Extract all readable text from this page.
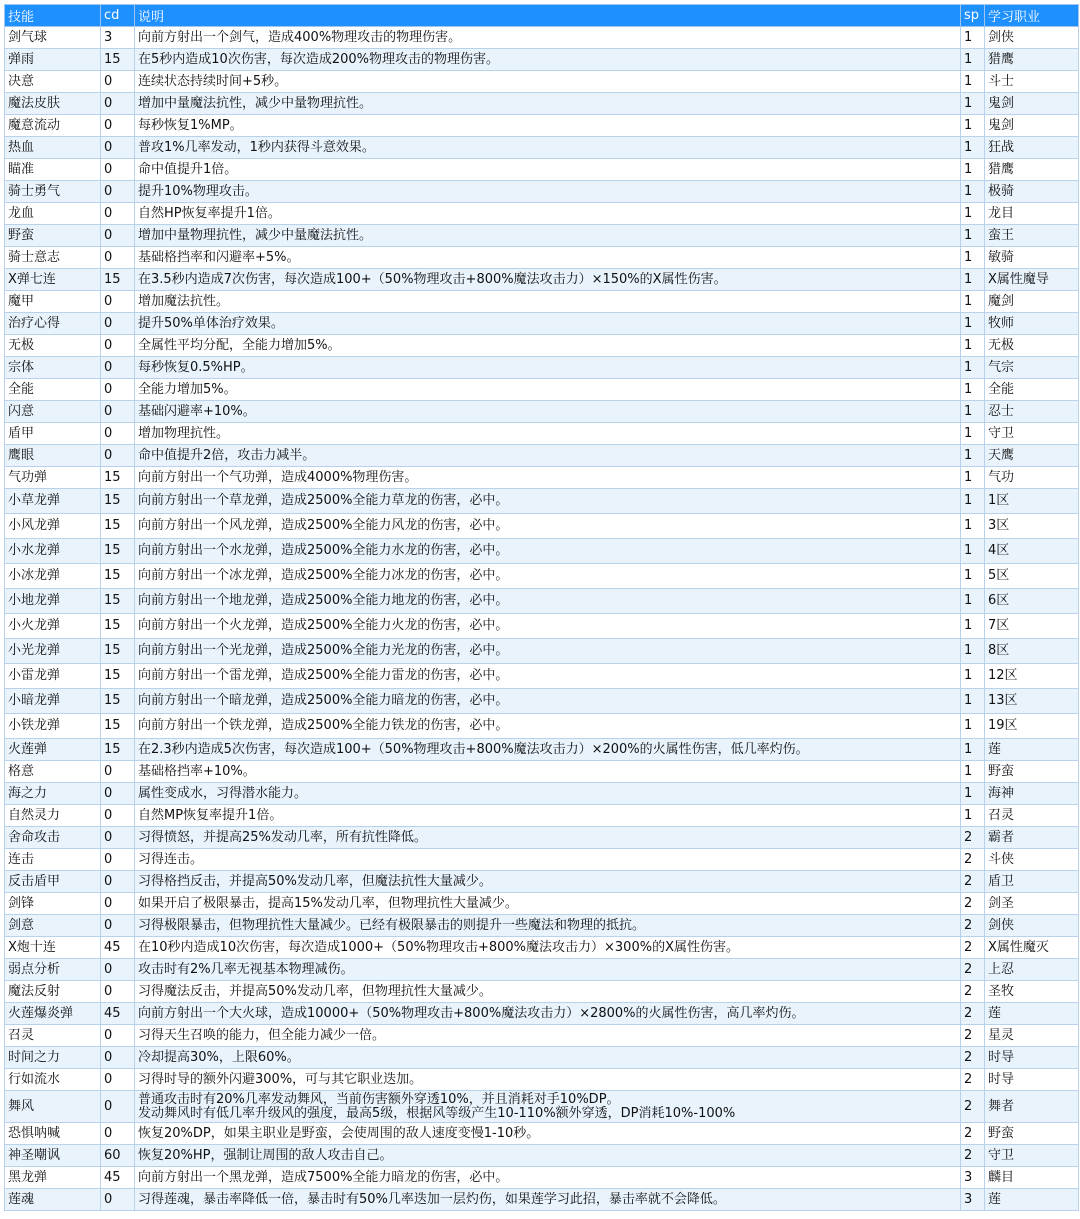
技能	cd	说明	sp	学习职业
剑气球	3	向前方射出一个剑气，造成400%物理攻击的物理伤害。	1	剑侠
弹雨	15	在5秒内造成10次伤害，每次造成200%物理攻击的物理伤害。	1	猎鹰
决意	0	连续状态持续时间+5秒。	1	斗士
魔法皮肤	0	增加中量魔法抗性，减少中量物理抗性。	1	鬼剑
魔意流动	0	每秒恢复1%MP。	1	鬼剑
热血	0	普攻1%几率发动，1秒内获得斗意效果。	1	狂战
瞄准	0	命中值提升1倍。	1	猎鹰
骑士勇气	0	提升10%物理攻击。	1	极骑
龙血	0	自然HP恢复率提升1倍。	1	龙目
野蛮	0	增加中量物理抗性，减少中量魔法抗性。	1	蛮王
骑士意志	0	基础格挡率和闪避率+5%。	1	敏骑
X弹七连	15	在3.5秒内造成7次伤害，每次造成100+（50%物理攻击+800%魔法攻击力）×150%的X属性伤害。	1	X属性魔导
魔甲	0	增加魔法抗性。	1	魔剑
治疗心得	0	提升50%单体治疗效果。	1	牧师
无极	0	全属性平均分配，全能力增加5%。	1	无极
宗体	0	每秒恢复0.5%HP。	1	气宗
全能	0	全能力增加5%。	1	全能
闪意	0	基础闪避率+10%。	1	忍士
盾甲	0	增加物理抗性。	1	守卫
鹰眼	0	命中值提升2倍，攻击力减半。	1	天鹰
气功弹	15	向前方射出一个气功弹，造成4000%物理伤害。	1	气功
小草龙弹	15	向前方射出一个草龙弹，造成2500%全能力草龙的伤害，必中。	1	1区
小风龙弹	15	向前方射出一个风龙弹，造成2500%全能力风龙的伤害，必中。	1	3区
小水龙弹	15	向前方射出一个水龙弹，造成2500%全能力水龙的伤害，必中。	1	4区
小冰龙弹	15	向前方射出一个冰龙弹，造成2500%全能力冰龙的伤害，必中。	1	5区
小地龙弹	15	向前方射出一个地龙弹，造成2500%全能力地龙的伤害，必中。	1	6区
小火龙弹	15	向前方射出一个火龙弹，造成2500%全能力火龙的伤害，必中。	1	7区
小光龙弹	15	向前方射出一个光龙弹，造成2500%全能力光龙的伤害，必中。	1	8区
小雷龙弹	15	向前方射出一个雷龙弹，造成2500%全能力雷龙的伤害，必中。	1	12区
小暗龙弹	15	向前方射出一个暗龙弹，造成2500%全能力暗龙的伤害，必中。	1	13区
小铁龙弹	15	向前方射出一个铁龙弹，造成2500%全能力铁龙的伤害，必中。	1	19区
火莲弹	15	在2.3秒内造成5次伤害，每次造成100+（50%物理攻击+800%魔法攻击力）×200%的火属性伤害，低几率灼伤。	1	莲
格意	0	基础格挡率+10%。	1	野蛮
海之力	0	属性变成水，习得潜水能力。	1	海神
自然灵力	0	自然MP恢复率提升1倍。	1	召灵
舍命攻击	0	习得愤怒，并提高25%发动几率，所有抗性降低。	2	霸者
连击	0	习得连击。	2	斗侠
反击盾甲	0	习得格挡反击，并提高50%发动几率，但魔法抗性大量减少。	2	盾卫
剑锋	0	如果开启了极限暴击，提高15%发动几率，但物理抗性大量减少。	2	剑圣
剑意	0	习得极限暴击，但物理抗性大量减少。已经有极限暴击的则提升一些魔法和物理的抵抗。	2	剑侠
X炮十连	45	在10秒内造成10次伤害，每次造成1000+（50%物理攻击+800%魔法攻击力）×300%的X属性伤害。	2	X属性魔灭
弱点分析	0	攻击时有2%几率无视基本物理减伤。	2	上忍
魔法反射	0	习得魔法反击，并提高50%发动几率，但物理抗性大量减少。	2	圣牧
火莲爆炎弹	45	向前方射出一个大火球，造成10000+（50%物理攻击+800%魔法攻击力）×2800%的火属性伤害，高几率灼伤。	2	莲
召灵	0	习得天生召唤的能力，但全能力减少一倍。	2	星灵
时间之力	0	冷却提高30%，上限60%。	2	时导
行如流水	0	习得时导的额外闪避300%，可与其它职业迭加。	2	时导
舞风	0	普通攻击时有20%几率发动舞风，当前伤害额外穿透10%，并且消耗对手10%DP。
发动舞风时有低几率升级风的强度，最高5级，根据风等级产生10-110%额外穿透，DP消耗10%-100%	2	舞者
恐惧呐喊	0	恢复20%DP，如果主职业是野蛮，会使周围的敌人速度变慢1-10秒。	2	野蛮
神圣嘲讽	60	恢复20%HP，强制让周围的敌人攻击自己。	2	守卫
黑龙弹	45	向前方射出一个黑龙弹，造成7500%全能力暗龙的伤害，必中。	3	麟目
莲魂	0	习得莲魂，暴击率降低一倍，暴击时有50%几率迭加一层灼伤，如果莲学习此招，暴击率就不会降低。	3	莲
